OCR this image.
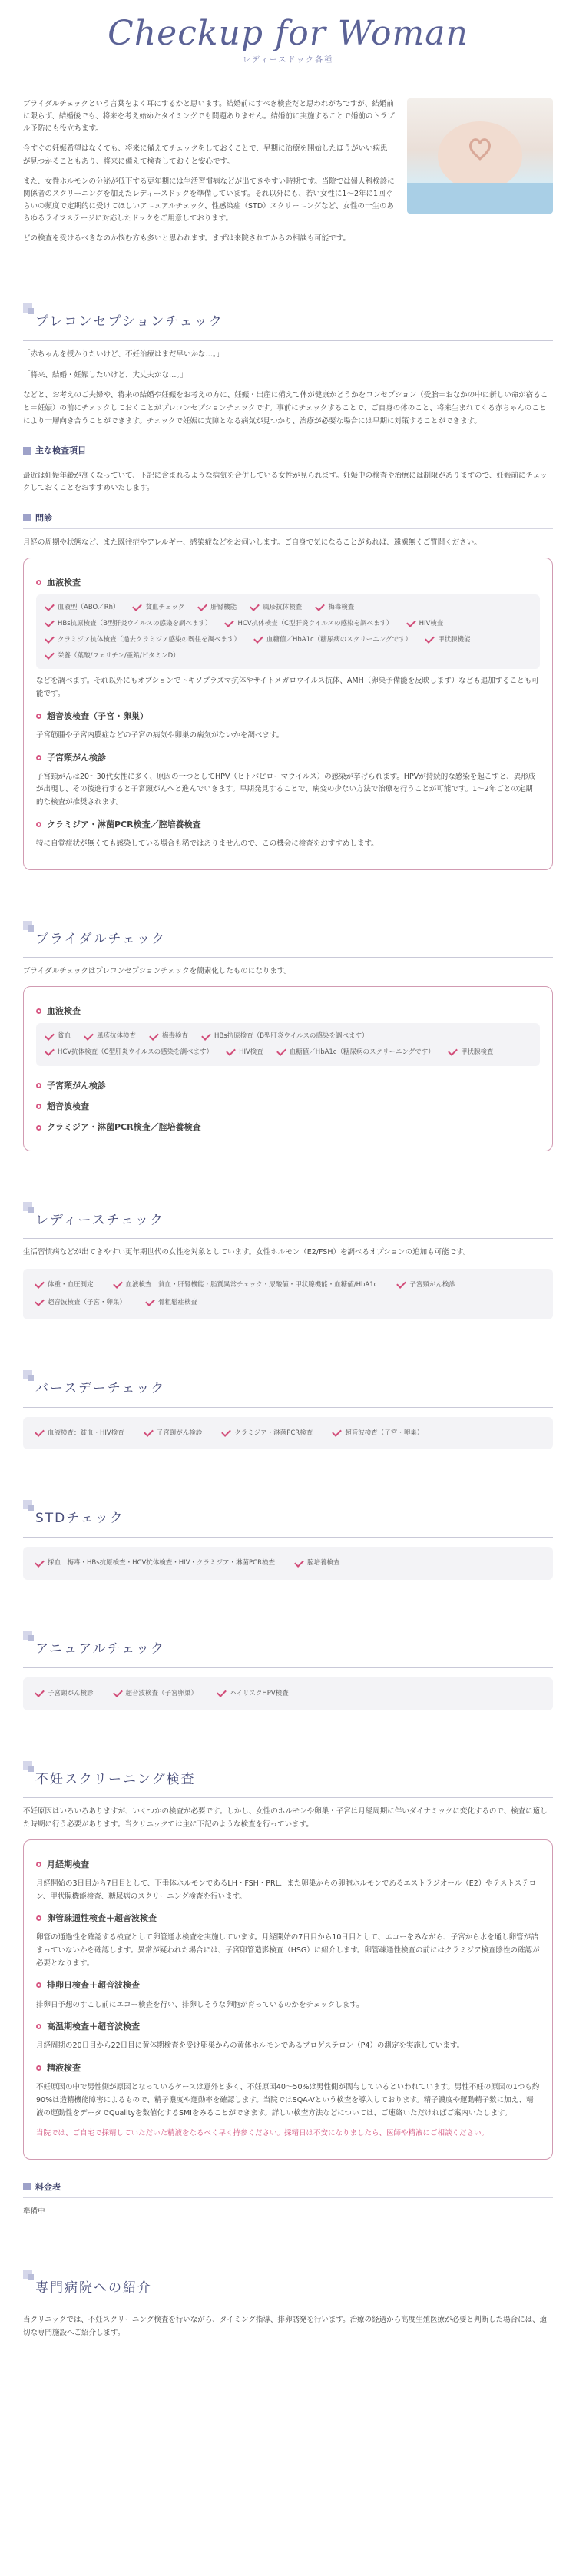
Checkup for Woman
レディースドック各種

ブライダルチェックという言葉をよく耳にするかと思います。結婚前にすべき検査だと思われがちですが、結婚前に限らず、結婚後でも、将来を考え始めたタイミングでも問題ありません。結婚前に実施することで婚前のトラブル予防にも役立ちます。

今すぐの妊娠希望はなくても、将来に備えてチェックをしておくことで、早期に治療を開始したほうがいい疾患が見つかることもあり、将来に備えて検査しておくと安心です。

また、女性ホルモンの分泌が低下する更年期には生活習慣病などが出てきやすい時期です。当院では婦人科検診に関係者のスクリーニングを加えたレディースドックを準備しています。それ以外にも、若い女性に1〜2年に1回ぐらいの頻度で定期的に受けてほしいアニュアルチェック、性感染症（STD）スクリーニングなど、女性の一生のあらゆるライフステージに対応したドックをご用意しております。

どの検査を受けるべきなのか悩む方も多いと思われます。まずは来院されてからの相談も可能です。

プレコンセプションチェック
「赤ちゃんを授かりたいけど、不妊治療はまだ早いかな…。」
「将来、結婚・妊娠したいけど、大丈夫かな…。」
などと、お考えのご夫婦や、将来の結婚や妊娠をお考えの方に、妊娠・出産に備えて体が健康かどうかをコンセプション（受胎＝おなかの中に新しい命が宿ること＝妊娠）の前にチェックしておくことがプレコンセプションチェックです。事前にチェックすることで、ご自身の体のこと、将来生まれてくる赤ちゃんのことにより一層向き合うことができます。チェックで妊娠に支障となる病気が見つかり、治療が必要な場合には早期に対策することができます。
主な検査項目
最近は妊娠年齢が高くなっていて、下記に含まれるような病気を合併している女性が見られます。妊娠中の検査や治療には制限がありますので、妊娠前にチェックしておくことをおすすめいたします。
問診
月経の周期や状態など、また既往症やアレルギー、感染症などをお伺いします。ご自身で気になることがあれば、遠慮無くご質問ください。
血液検査
血液型（ABO／Rh）	貧血チェック	肝腎機能	風疹抗体検査	梅毒検査
HBs抗原検査（B型肝炎ウイルスの感染を調べます）	HCV抗体検査（C型肝炎ウイルスの感染を調べます）	HIV検査
クラミジア抗体検査（過去クラミジア感染の既往を調べます）	血糖値／HbA1c（糖尿病のスクリーニングです）	甲状腺機能
栄養（葉酸/フェリチン/亜鉛/ビタミンD）
などを調べます。それ以外にもオプションでトキソプラズマ抗体やサイトメガロウイルス抗体、AMH（卵巣予備能を反映します）なども追加することも可能です。
超音波検査（子宮・卵巣）
子宮筋腫や子宮内膜症などの子宮の病気や卵巣の病気がないかを調べます。
子宮頸がん検診
子宮頸がんは20〜30代女性に多く、原因の一つとしてHPV（ヒトパピローマウイルス）の感染が挙げられます。HPVが持続的な感染を起こすと、異形成が出現し、その後進行すると子宮頸がんへと進んでいきます。早期発見することで、病変の少ない方法で治療を行うことが可能です。1〜2年ごとの定期的な検査が推奨されます。
クラミジア・淋菌PCR検査／腟培養検査
特に自覚症状が無くても感染している場合も稀ではありませんので、この機会に検査をおすすめします。
ブライダルチェック
ブライダルチェックはプレコンセプションチェックを簡素化したものになります。
血液検査
貧血	風疹抗体検査	梅毒検査	HBs抗原検査（B型肝炎ウイルスの感染を調べます）
HCV抗体検査（C型肝炎ウイルスの感染を調べます）	HIV検査	血糖値／HbA1c（糖尿病のスクリーニングです）	甲状腺検査
子宮頸がん検診
超音波検査
クラミジア・淋菌PCR検査／腟培養検査
レディースチェック
生活習慣病などが出てきやすい更年期世代の女性を対象としています。女性ホルモン（E2/FSH）を調べるオプションの追加も可能です。
体重・血圧測定	血液検査：貧血・肝腎機能・脂質異常チェック・尿酸値・甲状腺機能・血糖値/HbA1c	子宮頸がん検診
超音波検査（子宮・卵巣）	骨粗鬆症検査
バースデーチェック
血液検査：貧血・HIV検査	子宮頸がん検診	クラミジア・淋菌PCR検査	超音波検査（子宮・卵巣）
STDチェック
採血：梅毒・HBs抗原検査・HCV抗体検査・HIV・クラミジア・淋菌PCR検査	腟培養検査
アニュアルチェック
子宮頸がん検診	超音波検査（子宮卵巣）	ハイリスクHPV検査
不妊スクリーニング検査
不妊原因はいろいろありますが、いくつかの検査が必要です。しかし、女性のホルモンや卵巣・子宮は月経周期に伴いダイナミックに変化するので、検査に適した時期に行う必要があります。当クリニックでは主に下記のような検査を行っています。
月経期検査
月経開始の3日目から7日目として、下垂体ホルモンであるLH・FSH・PRL、また卵巣からの卵胞ホルモンであるエストラジオール（E2）やテストステロン、甲状腺機能検査、糖尿病のスクリーニング検査を行います。
卵管疎通性検査＋超音波検査
卵管の通過性を確認する検査として卵管通水検査を実施しています。月経開始の7日目から10日目として、エコーをみながら、子宮から水を通し卵管が詰まっていないかを確認します。異常が疑われた場合には、子宮卵管造影検査（HSG）に紹介します。卵管疎通性検査の前にはクラミジア検査陰性の確認が必要となります。
排卵日検査＋超音波検査
排卵日予想のすこし前にエコー検査を行い、排卵しそうな卵胞が育っているのかをチェックします。
高温期検査＋超音波検査
月経周期の20日目から22日目に黄体期検査を受け卵巣からの黄体ホルモンであるプロゲステロン（P4）の測定を実施しています。
精液検査
不妊原因の中で男性側が原因となっているケースは意外と多く、不妊原因40〜50%は男性側が関与しているといわれています。男性不妊の原因の1つも約90%は造精機能障害によるもので、精子濃度や運動率を確認します。当院ではSQA-Vという検査を導入しております。精子濃度や運動精子数に加え、精液の運動性をデータでQualityを数値化するSMIをみることができます。詳しい検査方法などについては、ご連絡いただければご案内いたします。
当院では、ご自宅で採精していただいた精液をなるべく早く持参ください。採精日は不安になりましたら、医師や精液にご相談ください。
料金表
準備中
専門病院への紹介
当クリニックでは、不妊スクリーニング検査を行いながら、タイミング指導、排卵誘発を行います。治療の経過から高度生殖医療が必要と判断した場合には、適切な専門施設へご紹介します。
